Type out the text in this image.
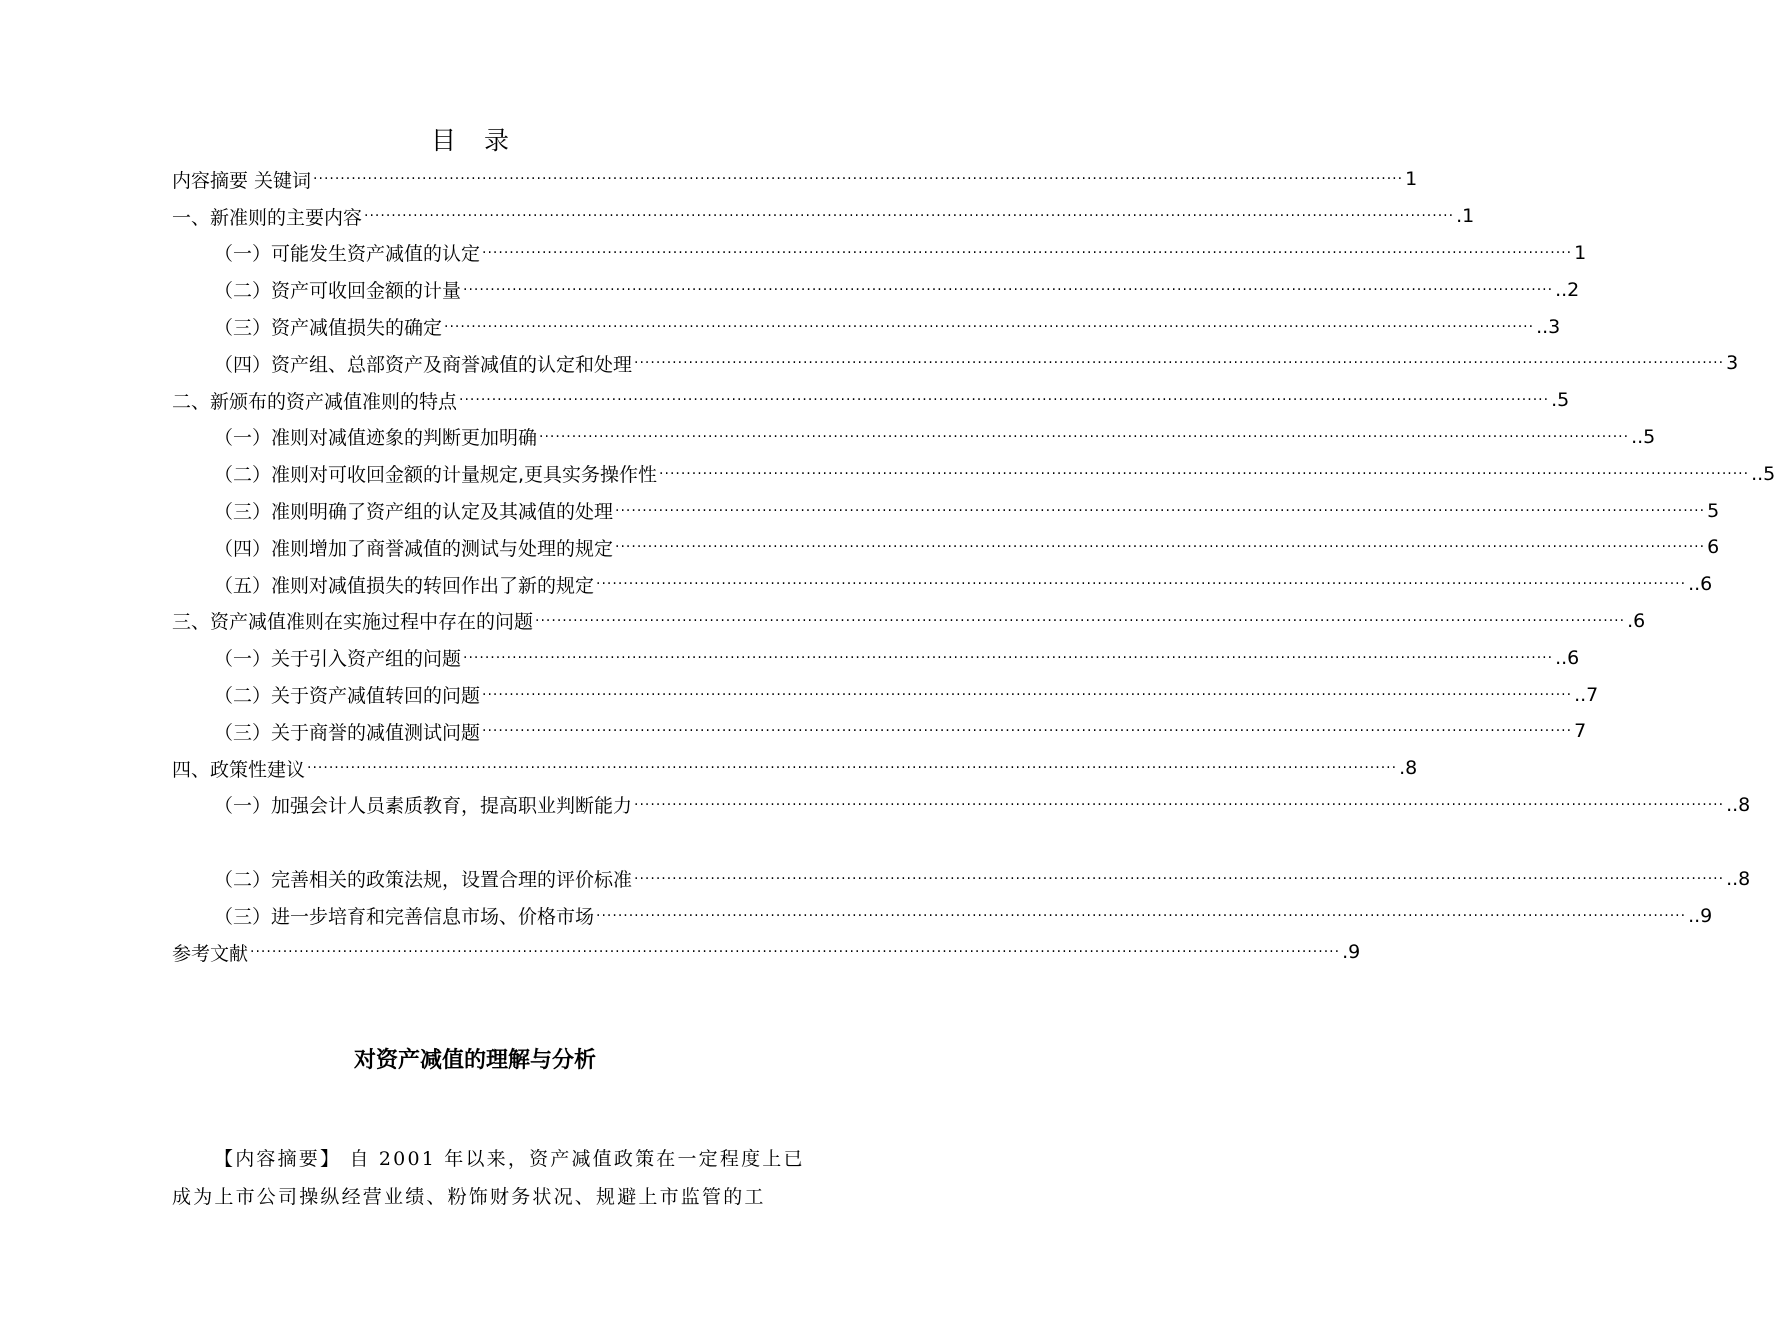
目 录
内容摘要 关键词 ········································································································································································································ 1
一、新准则的主要内容 ········································································································································································································ .1
（一）可能发生资产减值的认定 ········································································································································································································ 1
（二）资产可收回金额的计量 ········································································································································································································ ..2
（三）资产减值损失的确定 ········································································································································································································ ..3
（四）资产组、总部资产及商誉减值的认定和处理 ········································································································································································································ 3
二、新颁布的资产减值准则的特点 ········································································································································································································ .5
（一）准则对减值迹象的判断更加明确 ········································································································································································································ ..5
（二）准则对可收回金额的计量规定,更具实务操作性 ········································································································································································································ ..5
（三）准则明确了资产组的认定及其减值的处理 ········································································································································································································ 5
（四）准则增加了商誉减值的测试与处理的规定 ········································································································································································································ 6
（五）准则对减值损失的转回作出了新的规定 ········································································································································································································ ..6
三、资产减值准则在实施过程中存在的问题 ········································································································································································································ .6
（一）关于引入资产组的问题 ········································································································································································································ ..6
（二）关于资产减值转回的问题 ········································································································································································································ ..7
（三）关于商誉的减值测试问题 ········································································································································································································ 7
四、政策性建议 ········································································································································································································ .8
（一）加强会计人员素质教育，提高职业判断能力 ········································································································································································································ ..8
（二）完善相关的政策法规，设置合理的评价标准 ········································································································································································································ ..8
（三）进一步培育和完善信息市场、价格市场 ········································································································································································································ ..9
参考文献 ········································································································································································································ .9
对资产减值的理解与分析

【内容摘要】 自 2001 年以来，资产减值政策在一定程度上已成为上市公司操纵经营业绩、粉饰财务状况、规避上市监管的工
